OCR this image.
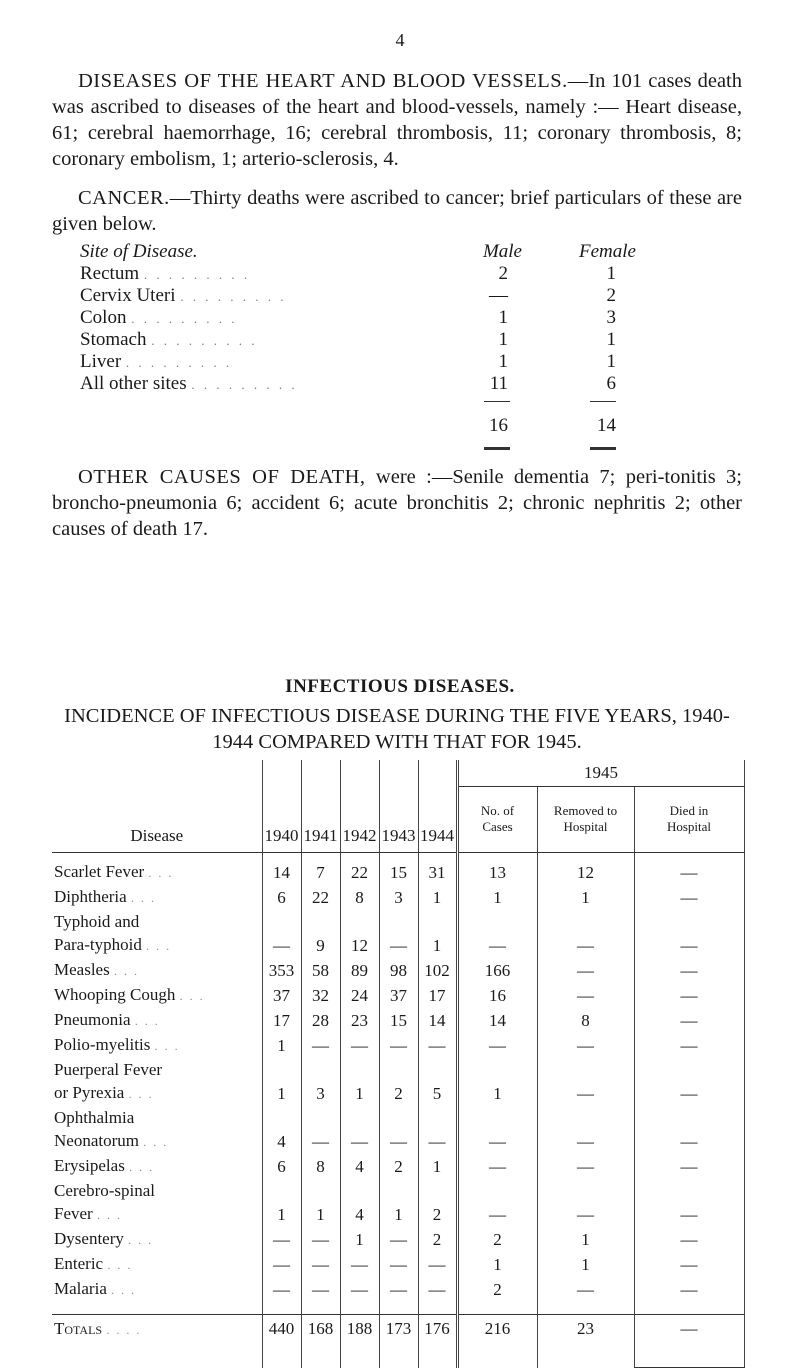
4

DISEASES OF THE HEART AND BLOOD VESSELS.—In 101 cases death was ascribed to diseases of the heart and blood-vessels, namely :— Heart disease, 61; cerebral haemorrhage, 16; cerebral thrombosis, 11; coronary thrombosis, 8; coronary embolism, 1; arterio-sclerosis, 4.

CANCER.—Thirty deaths were ascribed to cancer; brief particulars of these are given below.

Site of Disease.	Male	Female
Rectum . . . . . . . . .	2	1
Cervix Uteri . . . . . . . . .	—	2
Colon . . . . . . . . .	1	3
Stomach . . . . . . . . .	1	1
Liver . . . . . . . . .	1	1
All other sites . . . . . . . . .	11	6
16	14

OTHER CAUSES OF DEATH, were :—Senile dementia 7; peri-tonitis 3; broncho-pneumonia 6; accident 6; acute bronchitis 2; chronic nephritis 2; other causes of death 17.

INFECTIOUS DISEASES.
INCIDENCE OF INFECTIOUS DISEASE DURING THE FIVE YEARS, 1940-1944 COMPARED WITH THAT FOR 1945.
Disease	1940	1941	1942	1943	1944	1945		
						No. of Cases	Removed to Hospital	Died in Hospital

Scarlet Fever . . .	14	7	22	15	31	13	12	—
Diphtheria . . .	6	22	8	3	1	1	1	—
Typhoid and								
Para-typhoid . . .	—	9	12	—	1	—	—	—
Measles . . .	353	58	89	98	102	166	—	—
Whooping Cough . . .	37	32	24	37	17	16	—	—
Pneumonia . . .	17	28	23	15	14	14	8	—
Polio-myelitis . . .	1	—	—	—	—	—	—	—
Puerperal Fever								
or Pyrexia . . .	1	3	1	2	5	1	—	—
Ophthalmia								
Neonatorum . . .	4	—	—	—	—	—	—	—
Erysipelas . . .	6	8	4	2	1	—	—	—
Cerebro-spinal								
Fever . . .	1	1	4	1	2	—	—	—
Dysentery . . .	—	—	1	—	2	2	1	—
Enteric . . .	—	—	—	—	—	1	1	—
Malaria . . .	—	—	—	—	—	2	—	—

Totals . . . .	440	168	188	173	176	216	23	—
